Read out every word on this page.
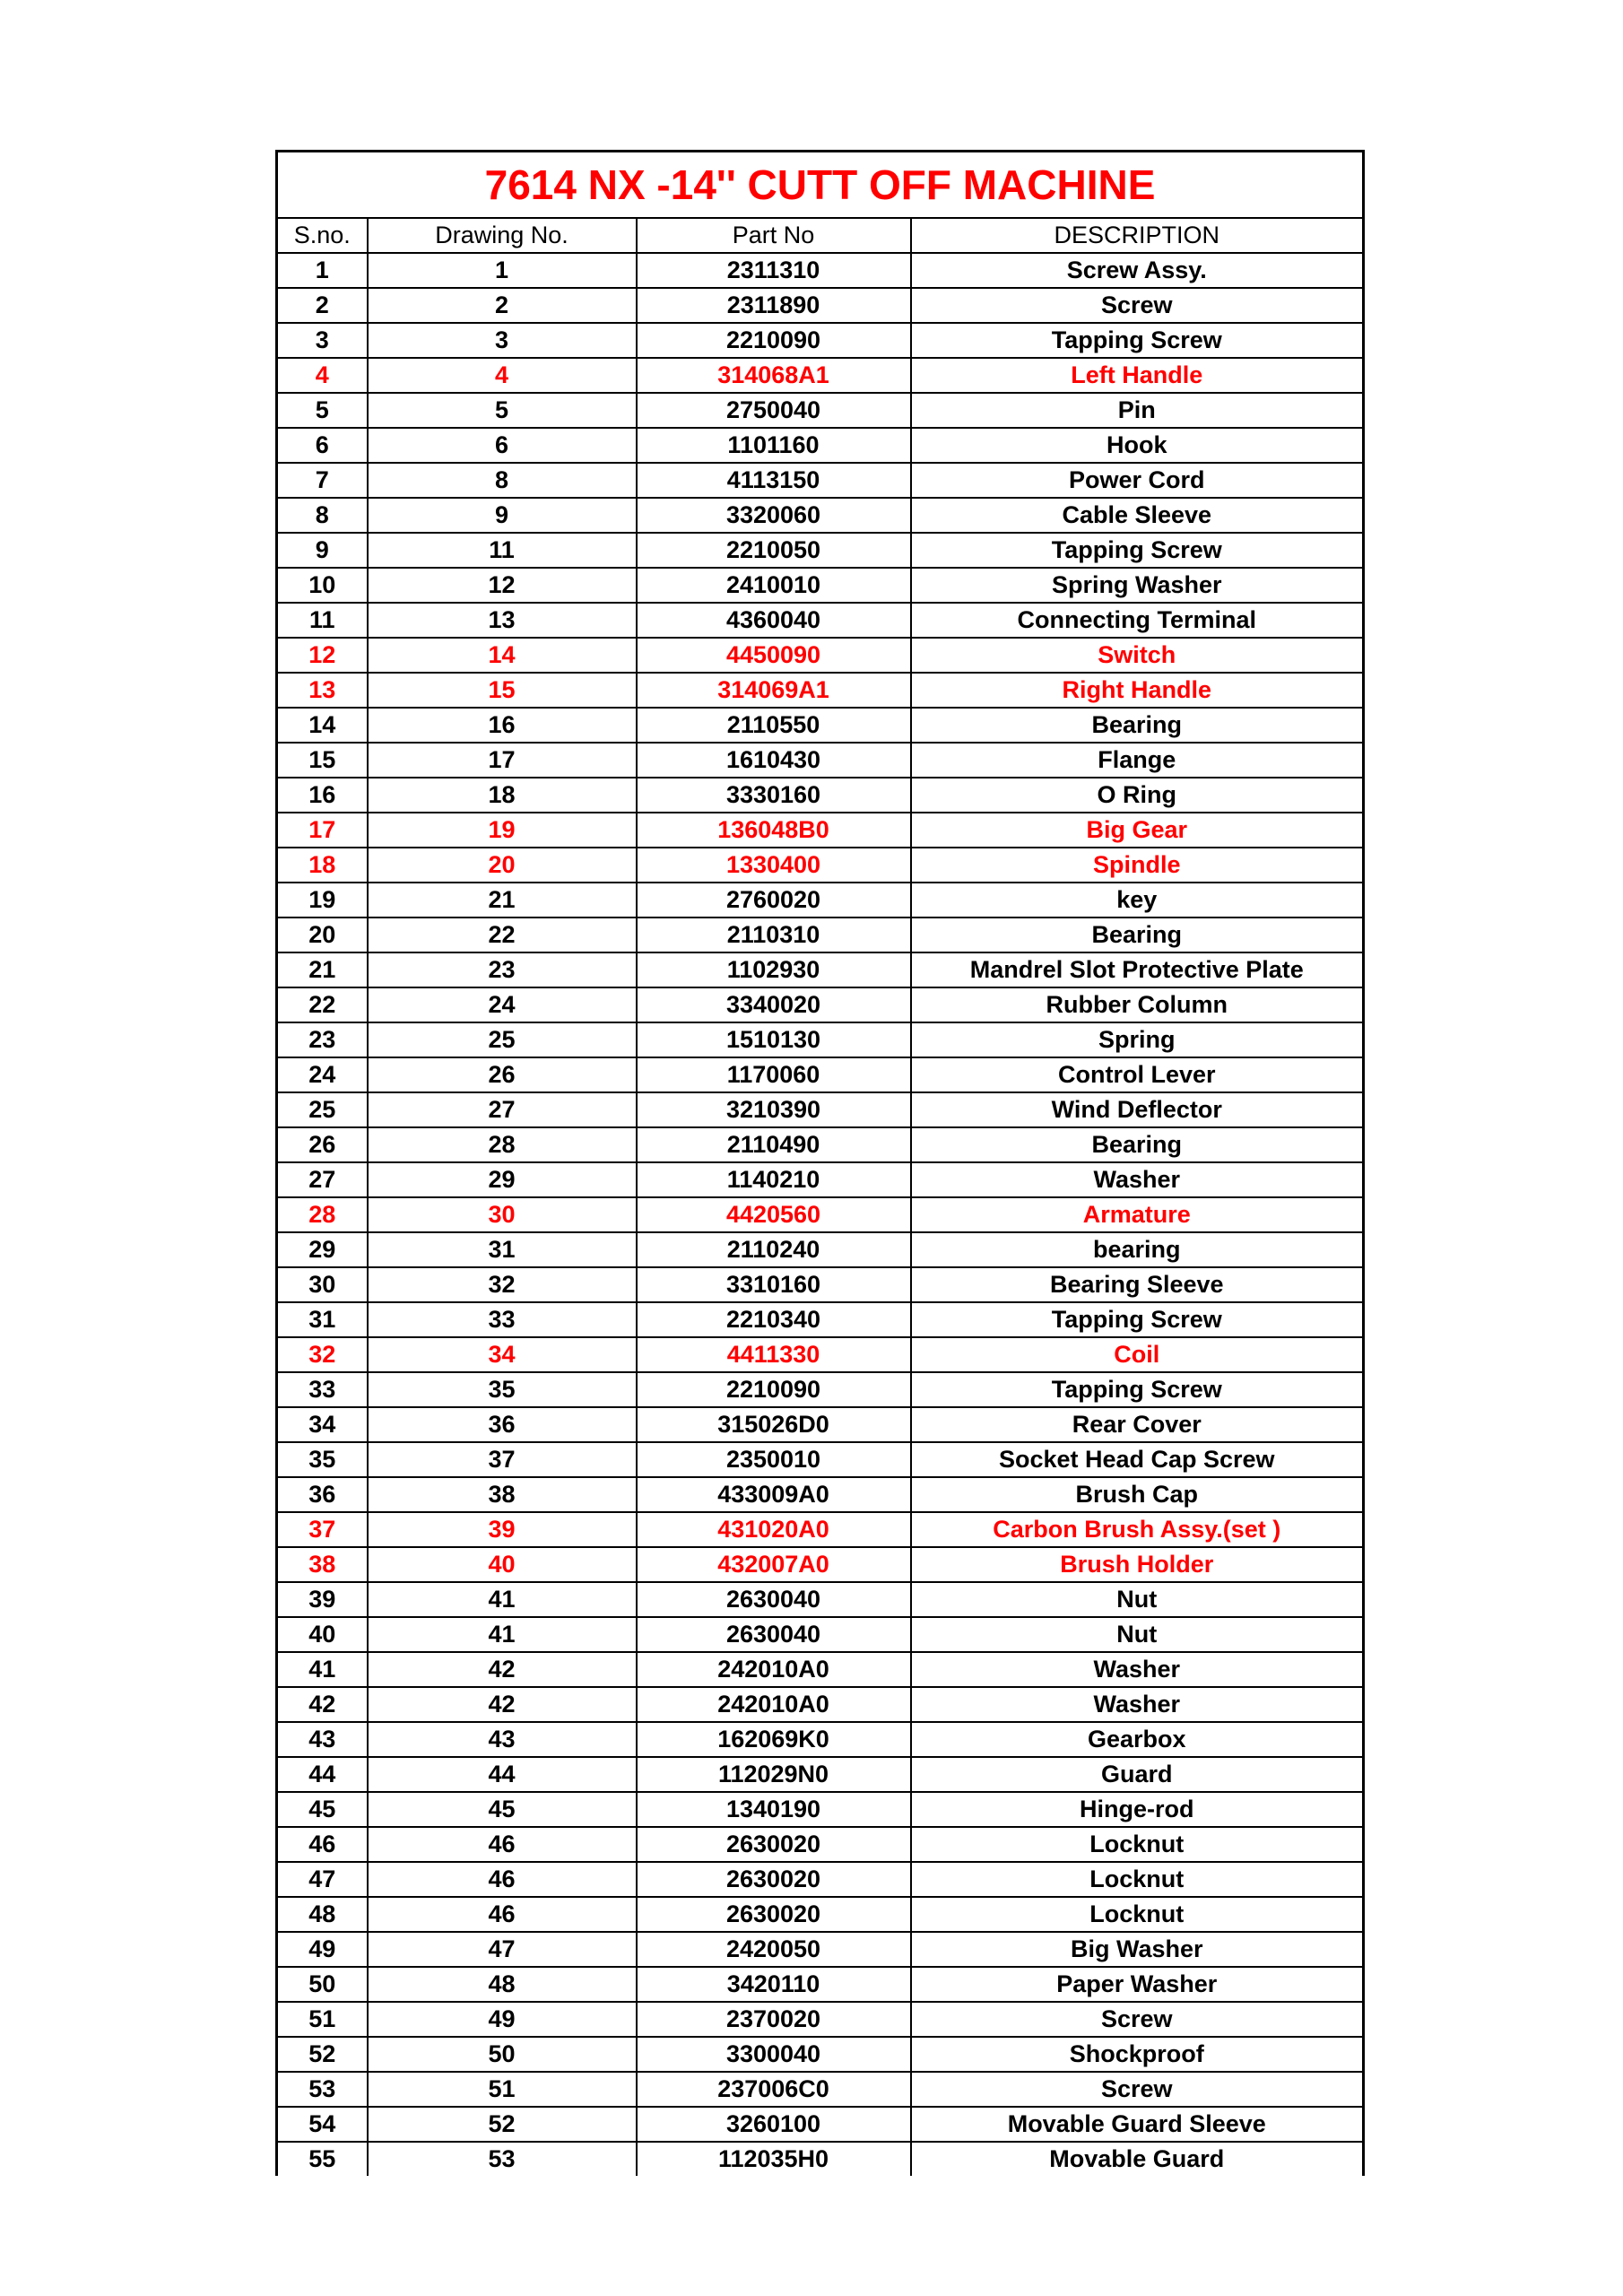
7614 NX -14'' CUTT OFF MACHINE			
S.no.	Drawing No.	Part No	DESCRIPTION
1	1	2311310	Screw Assy.
2	2	2311890	Screw
3	3	2210090	Tapping Screw
4	4	314068A1	Left Handle
5	5	2750040	Pin
6	6	1101160	Hook
7	8	4113150	Power Cord
8	9	3320060	Cable Sleeve
9	11	2210050	Tapping Screw
10	12	2410010	Spring Washer
11	13	4360040	Connecting Terminal
12	14	4450090	Switch
13	15	314069A1	Right Handle
14	16	2110550	Bearing
15	17	1610430	Flange
16	18	3330160	O Ring
17	19	136048B0	Big Gear
18	20	1330400	Spindle
19	21	2760020	key
20	22	2110310	Bearing
21	23	1102930	Mandrel Slot Protective Plate
22	24	3340020	Rubber Column
23	25	1510130	Spring
24	26	1170060	Control Lever
25	27	3210390	Wind Deflector
26	28	2110490	Bearing
27	29	1140210	Washer
28	30	4420560	Armature
29	31	2110240	bearing
30	32	3310160	Bearing Sleeve
31	33	2210340	Tapping Screw
32	34	4411330	Coil
33	35	2210090	Tapping Screw
34	36	315026D0	Rear Cover
35	37	2350010	Socket Head Cap Screw
36	38	433009A0	Brush Cap
37	39	431020A0	Carbon Brush Assy.(set )
38	40	432007A0	Brush Holder
39	41	2630040	Nut
40	41	2630040	Nut
41	42	242010A0	Washer
42	42	242010A0	Washer
43	43	162069K0	Gearbox
44	44	112029N0	Guard
45	45	1340190	Hinge-rod
46	46	2630020	Locknut
47	46	2630020	Locknut
48	46	2630020	Locknut
49	47	2420050	Big Washer
50	48	3420110	Paper Washer
51	49	2370020	Screw
52	50	3300040	Shockproof
53	51	237006C0	Screw
54	52	3260100	Movable Guard Sleeve
55	53	112035H0	Movable Guard
